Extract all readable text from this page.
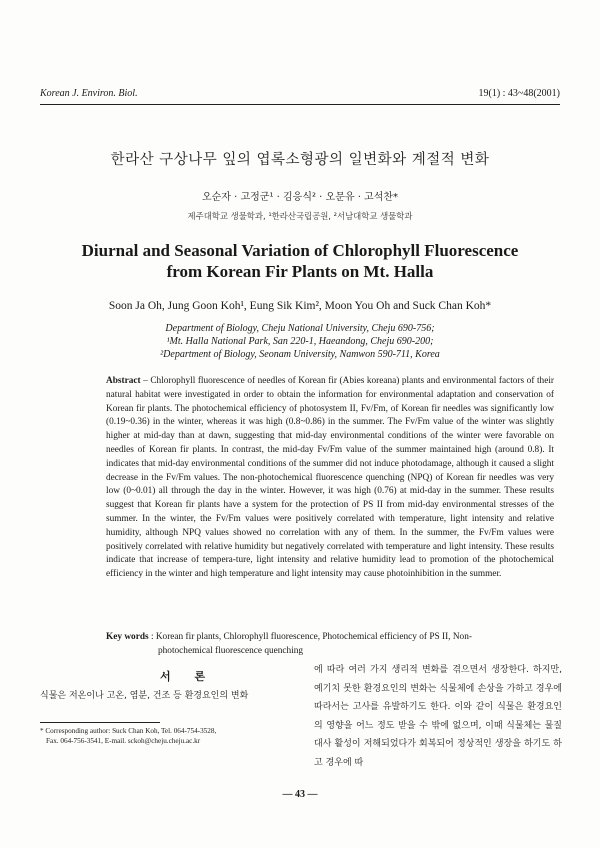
Korean J. Environ. Biol.	19(1) : 43~48(2001)
한라산 구상나무 잎의 엽록소형광의 일변화와 계절적 변화
오순자 · 고정군¹ · 김응식² · 오문유 · 고석찬*
제주대학교 생물학과, ¹한라산국립공원, ²서남대학교 생물학과
Diurnal and Seasonal Variation of Chlorophyll Fluorescence
from Korean Fir Plants on Mt. Halla
Soon Ja Oh, Jung Goon Koh¹, Eung Sik Kim², Moon You Oh and Suck Chan Koh*
Department of Biology, Cheju National University, Cheju 690-756;
¹Mt. Halla National Park, San 220-1, Haeandong, Cheju 690-200;
²Department of Biology, Seonam University, Namwon 590-711, Korea
Abstract – Chlorophyll fluorescence of needles of Korean fir (Abies koreana) plants and environmental factors of their natural habitat were investigated in order to obtain the information for environmental adaptation and conservation of Korean fir plants. The photochemical efficiency of photosystem II, Fv/Fm, of Korean fir needles was significantly low (0.19~0.36) in the winter, whereas it was high (0.8~0.86) in the summer. The Fv/Fm value of the winter was slightly higher at mid-day than at dawn, suggesting that mid-day environmental conditions of the winter were favorable on needles of Korean fir plants. In contrast, the mid-day Fv/Fm value of the summer maintained high (around 0.8). It indicates that mid-day environmental conditions of the summer did not induce photodamage, although it caused a slight decrease in the Fv/Fm values. The non-photochemical fluorescence quenching (NPQ) of Korean fir needles was very low (0~0.01) all through the day in the winter. However, it was high (0.76) at mid-day in the summer. These results suggest that Korean fir plants have a system for the protection of PS II from mid-day environmental stresses of the summer. In the winter, the Fv/Fm values were positively correlated with temperature, light intensity and relative humidity, although NPQ values showed no correlation with any of them. In the summer, the Fv/Fm values were positively correlated with relative humidity but negatively correlated with temperature and light intensity. These results indicate that increase of tempera-ture, light intensity and relative humidity lead to promotion of the photochemical efficiency in the winter and high temperature and light intensity may cause photoinhibition in the summer.
Key words : Korean fir plants, Chlorophyll fluorescence, Photochemical efficiency of PS II, Non-
photochemical fluorescence quenching
서 론
식물은 저온이나 고온, 염분, 건조 등 환경요인의 변화
* Corresponding author: Suck Chan Koh, Tel. 064-754-3528,
Fax. 064-756-3541, E-mail. sckoh@cheju.cheju.ac.kr
에 따라 여러 가지 생리적 변화를 겪으면서 생장한다. 하지만, 예기치 못한 환경요인의 변화는 식물체에 손상을 가하고 경우에 따라서는 고사를 유발하기도 한다. 이와 같이 식물은 환경요인의 영향을 어느 정도 받을 수 밖에 없으며, 이때 식물체는 물질대사 활성이 저해되었다가 회복되어 정상적인 생장을 하기도 하고 경우에 따
— 43 —
